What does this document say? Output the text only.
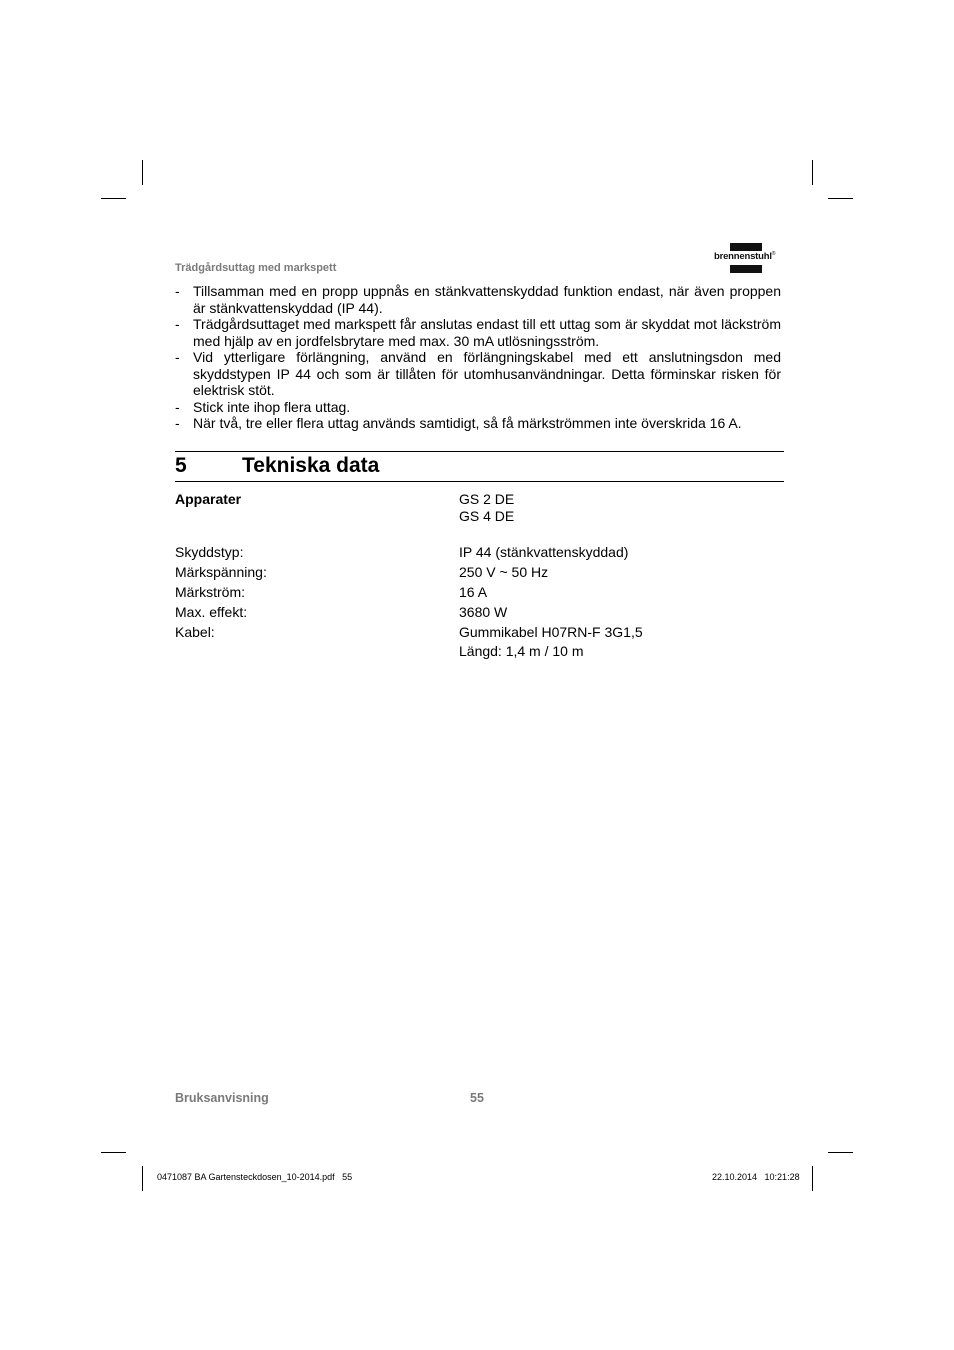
Trädgårdsuttag med markspett
brennenstuhl®
- Tillsamman med en propp uppnås en stänkvattenskyddad funktion endast, när även proppen är stänkvattenskyddad (IP 44).
- Trädgårdsuttaget med markspett får anslutas endast till ett uttag som är skyddat mot läckström med hjälp av en jordfelsbrytare med max. 30 mA utlösningsström.
- Vid ytterligare förlängning, använd en förlängningskabel med ett anslutningsdon med skyddstypen IP 44 och som är tillåten för utomhusanvändningar. Detta förminskar risken för elektrisk stöt.
- Stick inte ihop flera uttag.
- När två, tre eller flera uttag används samtidigt, så få märkströmmen inte överskrida 16 A.
5	Tekniska data
Apparater	GS 2 DE
GS 4 DE
Skyddstyp:	IP 44 (stänkvattenskyddad)
Märkspänning:	250 V ~ 50 Hz
Märkström:	16 A
Max. effekt:	3680 W
Kabel:	Gummikabel H07RN-F 3G1,5
Längd: 1,4 m / 10 m
Bruksanvisning	55
0471087 BA Gartensteckdosen_10-2014.pdf   55	22.10.2014   10:21:28
